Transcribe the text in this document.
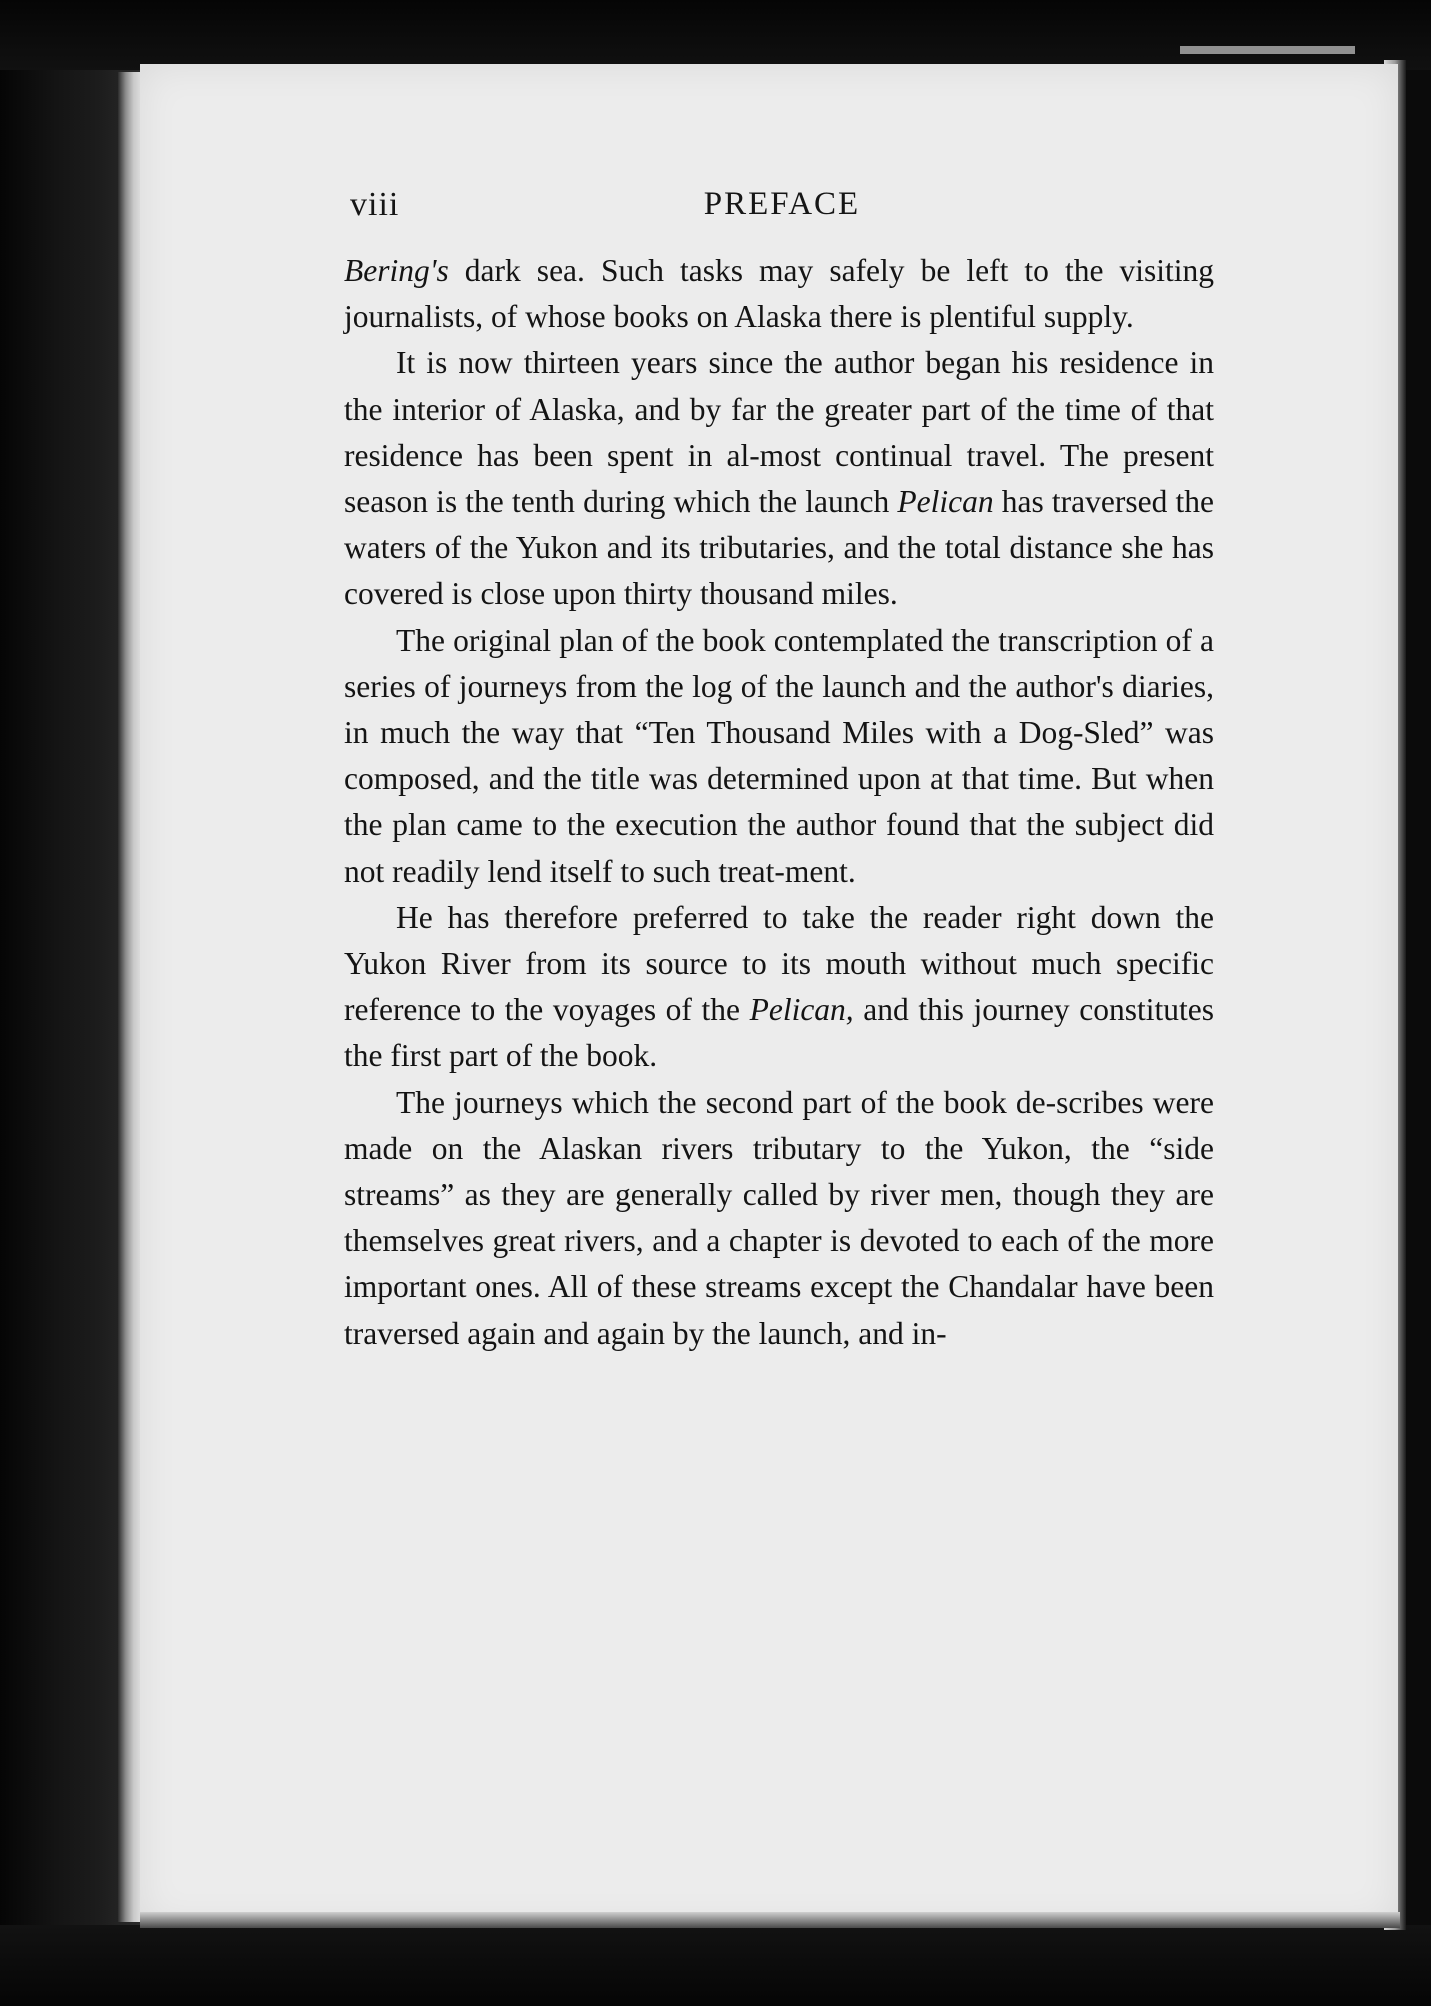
viii	PREFACE

Bering's dark sea. Such tasks may safely be left to the visiting journalists, of whose books on Alaska there is plentiful supply.

It is now thirteen years since the author began his residence in the interior of Alaska, and by far the greater part of the time of that residence has been spent in al-most continual travel. The present season is the tenth during which the launch Pelican has traversed the waters of the Yukon and its tributaries, and the total distance she has covered is close upon thirty thousand miles.

The original plan of the book contemplated the transcription of a series of journeys from the log of the launch and the author's diaries, in much the way that “Ten Thousand Miles with a Dog-Sled” was composed, and the title was determined upon at that time. But when the plan came to the execution the author found that the subject did not readily lend itself to such treat-ment.

He has therefore preferred to take the reader right down the Yukon River from its source to its mouth without much specific reference to the voyages of the Pelican, and this journey constitutes the first part of the book.

The journeys which the second part of the book de-scribes were made on the Alaskan rivers tributary to the Yukon, the “side streams” as they are generally called by river men, though they are themselves great rivers, and a chapter is devoted to each of the more important ones. All of these streams except the Chandalar have been traversed again and again by the launch, and in-
